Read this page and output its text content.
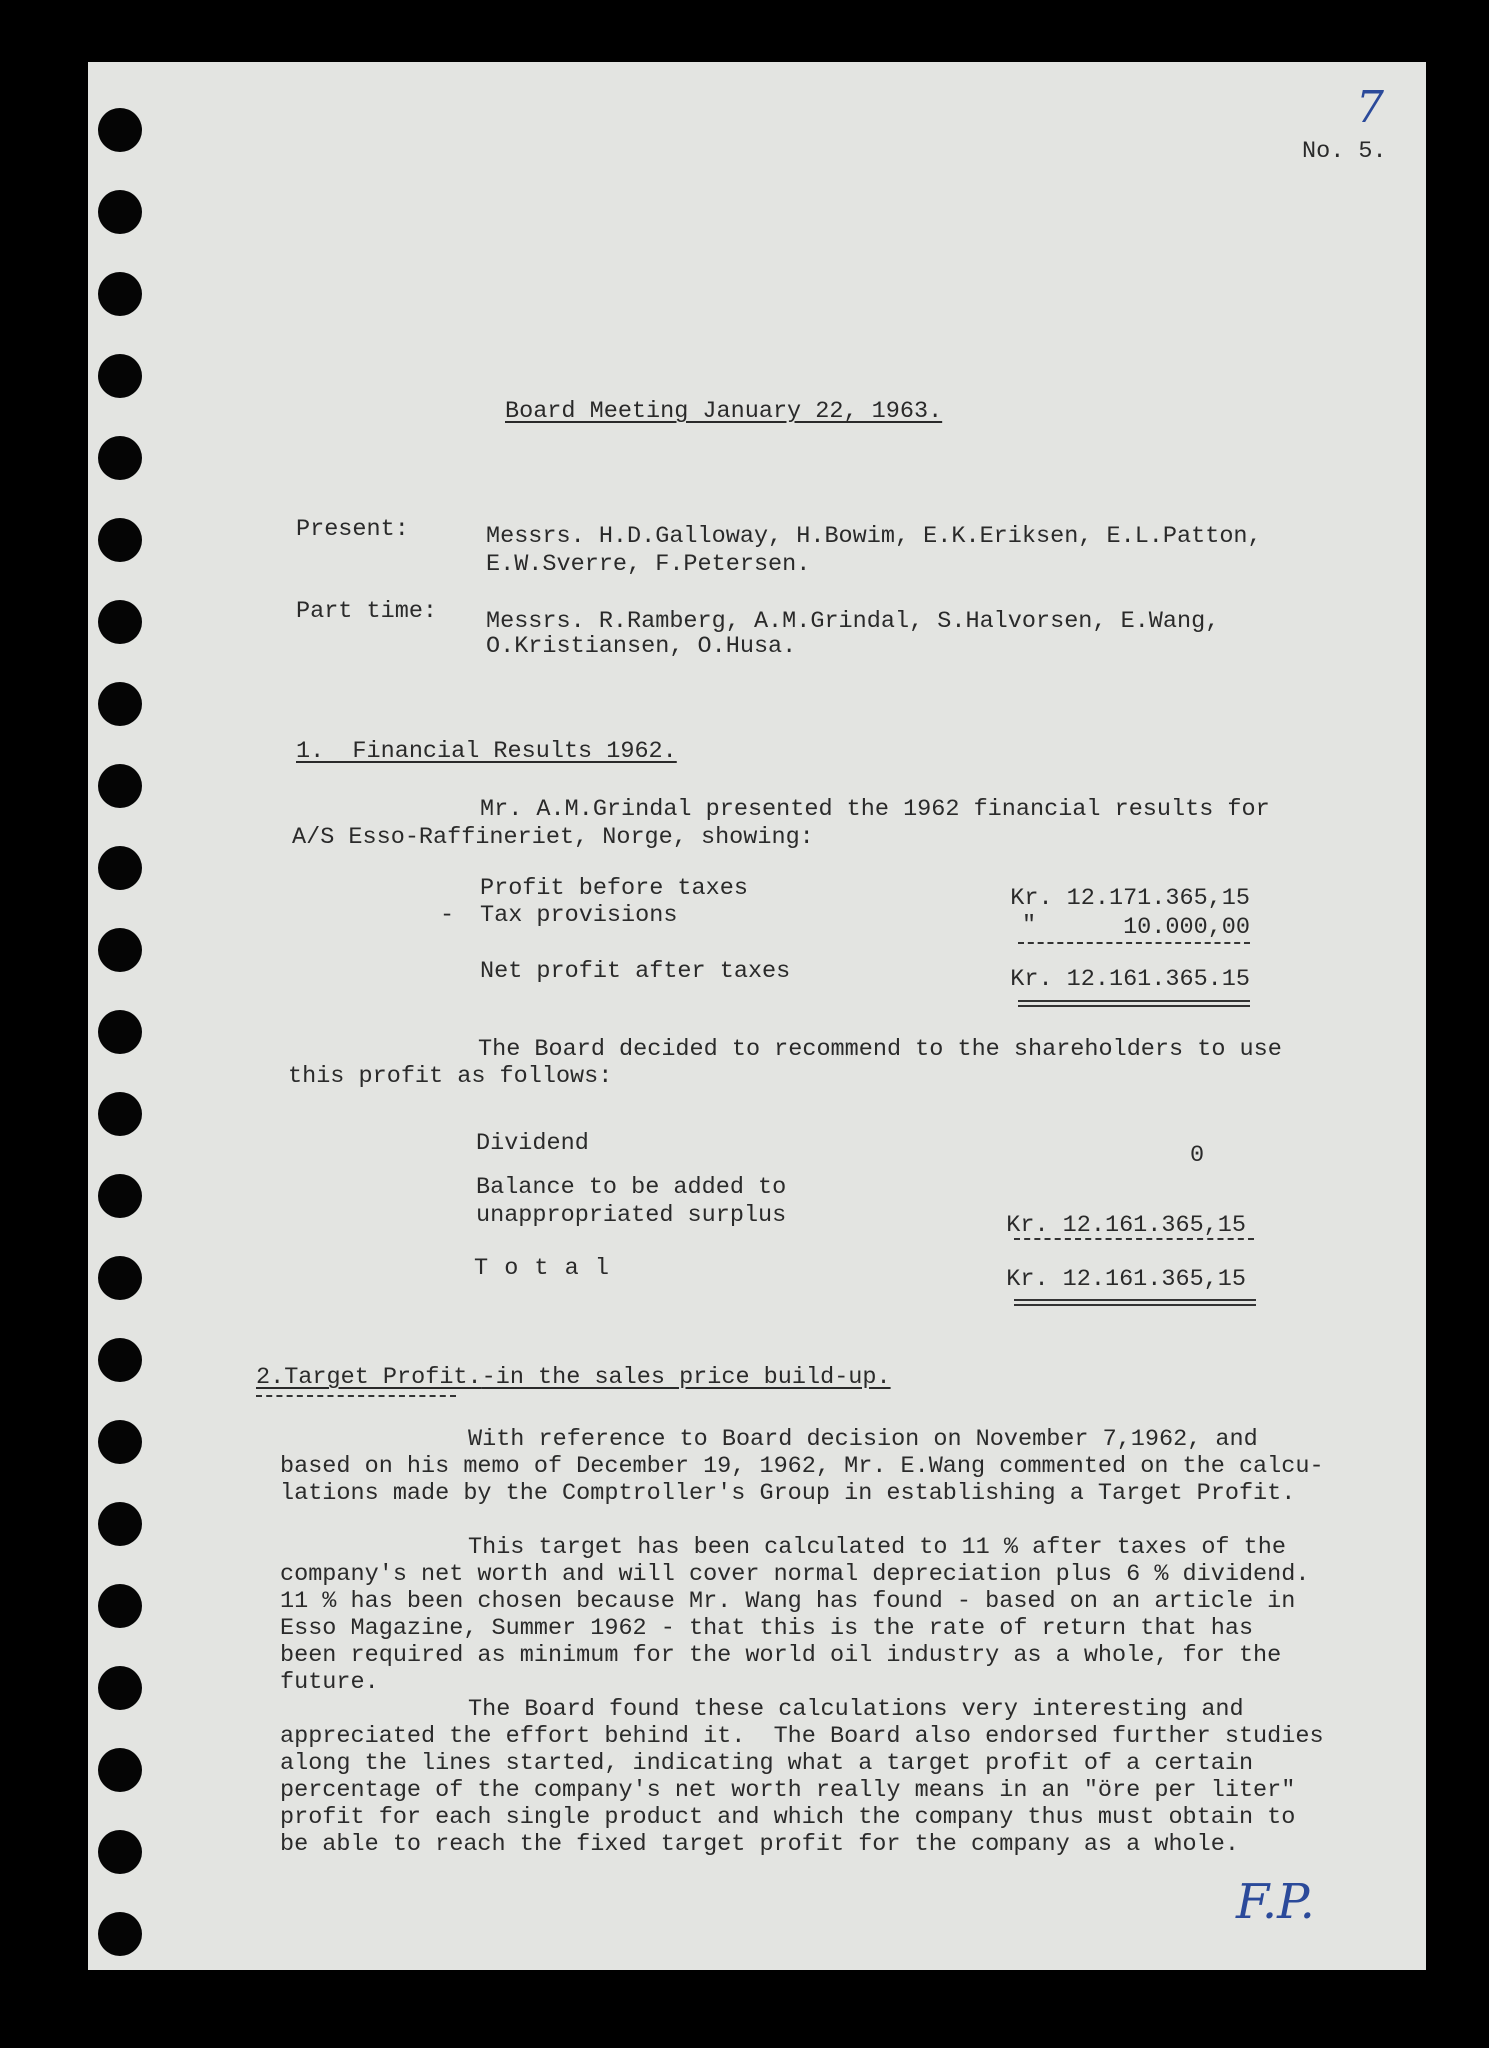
7
No. 5.
Board Meeting January 22, 1963.
Present:	Messrs. H.D.Galloway, H.Bowim, E.K.Eriksen, E.L.Patton,
E.W.Sverre, F.Petersen.
Part time: Messrs. R.Ramberg, A.M.Grindal, S.Halvorsen, E.Wang,
O.Kristiansen, O.Husa.
1.  Financial Results 1962.
Mr. A.M.Grindal presented the 1962 financial results for
A/S Esso-Raffineriet, Norge, showing:
Profit before taxes	Kr. 12.171.365,15
- Tax provisions	"	10.000,00
Net profit after taxes	Kr. 12.161.365.15
The Board decided to recommend to the shareholders to use
this profit as follows:
Dividend	0
Balance to be added to
unappropriated surplus	Kr. 12.161.365,15
T o t a l	Kr. 12.161.365,15
2.Target Profit.-in the sales price build-up.

With reference to Board decision on November 7,1962, and
based on his memo of December 19, 1962, Mr. E.Wang commented on the calcu-
lations made by the Comptroller's Group in establishing a Target Profit.

This target has been calculated to 11 % after taxes of the
company's net worth and will cover normal depreciation plus 6 % dividend.
11 % has been chosen because Mr. Wang has found - based on an article in
Esso Magazine, Summer 1962 - that this is the rate of return that has
been required as minimum for the world oil industry as a whole, for the
future.

The Board found these calculations very interesting and
appreciated the effort behind it.  The Board also endorsed further studies
along the lines started, indicating what a target profit of a certain
percentage of the company's net worth really means in an "öre per liter"
profit for each single product and which the company thus must obtain to
be able to reach the fixed target profit for the company as a whole.

F.P.
